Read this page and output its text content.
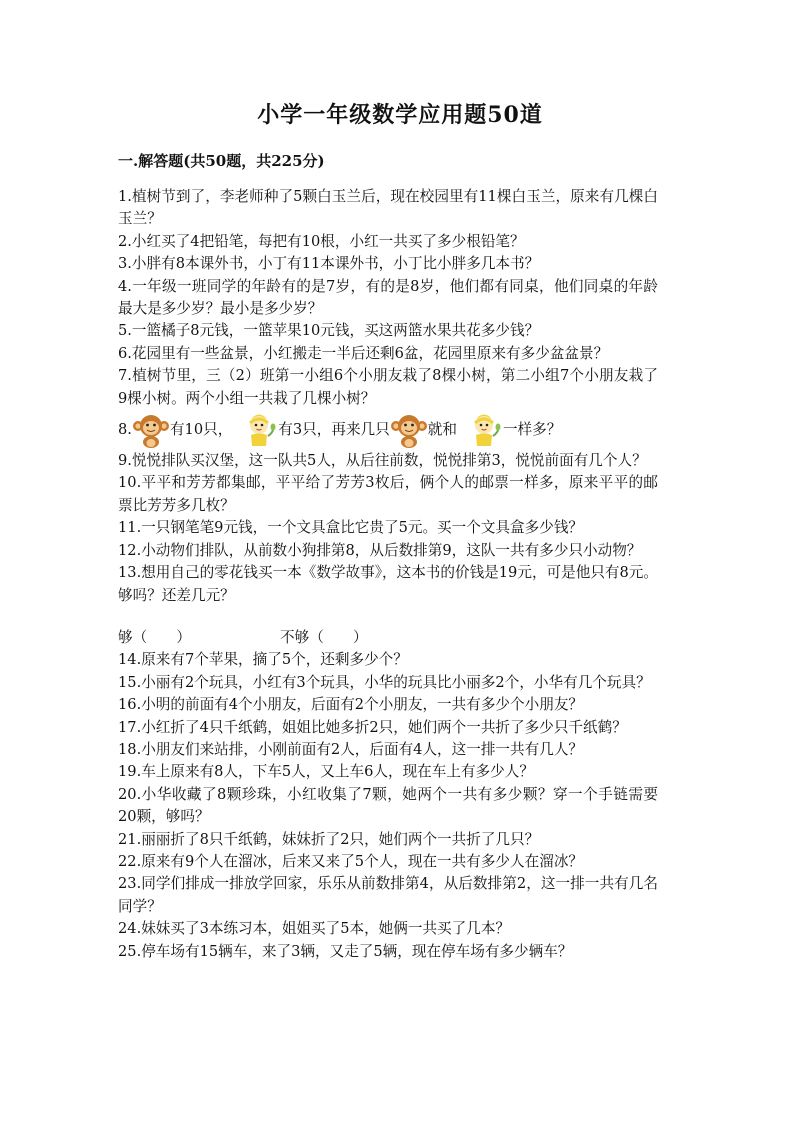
小学一年级数学应用题50道
一.解答题(共50题，共225分)

1.植树节到了，李老师种了5颗白玉兰后，现在校园里有11棵白玉兰，原来有几棵白玉兰？

2.小红买了4把铅笔，每把有10根，小红一共买了多少根铅笔？

3.小胖有8本课外书，小丁有11本课外书，小丁比小胖多几本书？

4.一年级一班同学的年龄有的是7岁，有的是8岁，他们都有同桌，他们同桌的年龄最大是多少岁？最小是多少岁？

5.一篮橘子8元钱，一篮苹果10元钱，买这两篮水果共花多少钱？

6.花园里有一些盆景，小红搬走一半后还剩6盆，花园里原来有多少盆盆景？

7.植树节里，三（2）班第一小组6个小朋友栽了8棵小树，第二小组7个小朋友栽了9棵小树。两个小组一共栽了几棵小树？

8.	有10只，	有3只，再来几只	就和	一样多？

9.悦悦排队买汉堡，这一队共5人，从后往前数，悦悦排第3，悦悦前面有几个人？

10.平平和芳芳都集邮，平平给了芳芳3枚后，俩个人的邮票一样多，原来平平的邮票比芳芳多几枚？

11.一只钢笔笔9元钱，一个文具盒比它贵了5元。买一个文具盒多少钱？

12.小动物们排队，从前数小狗排第8，从后数排第9，这队一共有多少只小动物？

13.想用自己的零花钱买一本《数学故事》，这本书的价钱是19元，可是他只有8元。够吗？还差几元？

够（　　）	不够（　　）

14.原来有7个苹果，摘了5个，还剩多少个？

15.小丽有2个玩具，小红有3个玩具，小华的玩具比小丽多2个，小华有几个玩具？

16.小明的前面有4个小朋友，后面有2个小朋友，一共有多少个小朋友？

17.小红折了4只千纸鹤，姐姐比她多折2只，她们两个一共折了多少只千纸鹤？

18.小朋友们来站排，小刚前面有2人，后面有4人，这一排一共有几人？

19.车上原来有8人，下车5人，又上车6人，现在车上有多少人？

20.小华收藏了8颗珍珠，小红收集了7颗，她两个一共有多少颗？穿一个手链需要20颗，够吗？

21.丽丽折了8只千纸鹤，妹妹折了2只，她们两个一共折了几只？

22.原来有9个人在溜冰，后来又来了5个人，现在一共有多少人在溜冰？

23.同学们排成一排放学回家，乐乐从前数排第4，从后数排第2，这一排一共有几名同学？

24.妹妹买了3本练习本，姐姐买了5本，她俩一共买了几本？

25.停车场有15辆车，来了3辆，又走了5辆，现在停车场有多少辆车？
